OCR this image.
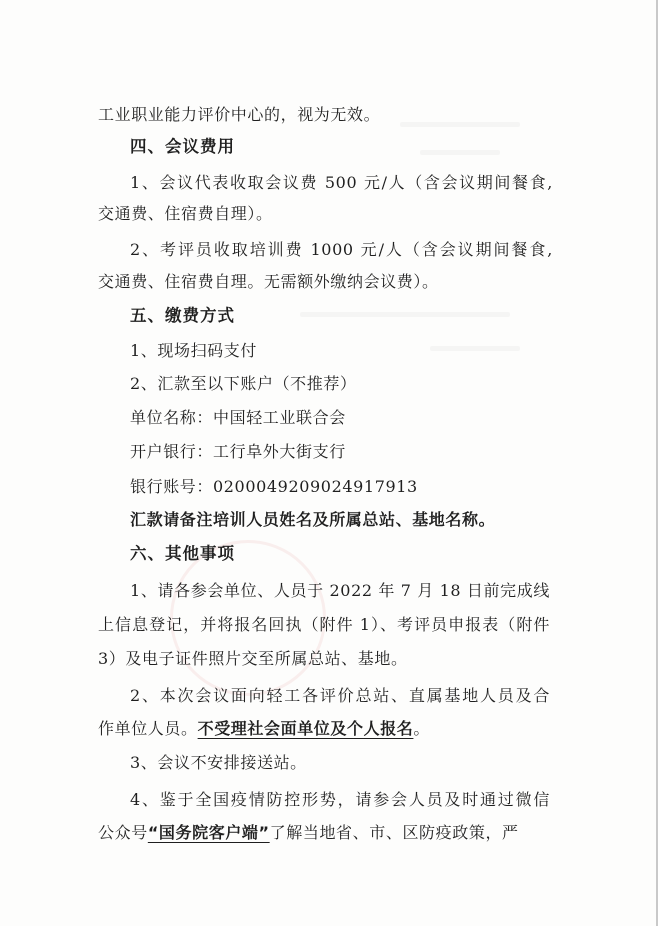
工业职业能力评价中心的，视为无效。
四、会议费用
1、会议代表收取会议费 500 元/人（含会议期间餐食,
交通费、住宿费自理）。
2、考评员收取培训费 1000 元/人（含会议期间餐食,
交通费、住宿费自理。无需额外缴纳会议费）。
五、缴费方式
1、现场扫码支付
2、汇款至以下账户（不推荐）
单位名称：中国轻工业联合会
开户银行：工行阜外大街支行
银行账号：0200049209024917913
汇款请备注培训人员姓名及所属总站、基地名称。
六、其他事项
1、请各参会单位、人员于 2022 年 7 月 18 日前完成线
上信息登记，并将报名回执（附件 1）、考评员申报表（附件
3）及电子证件照片交至所属总站、基地。
2、本次会议面向轻工各评价总站、直属基地人员及合
作单位人员。不受理社会面单位及个人报名。
3、会议不安排接送站。
4、鉴于全国疫情防控形势，请参会人员及时通过微信
公众号“国务院客户端”了解当地省、市、区防疫政策，严
